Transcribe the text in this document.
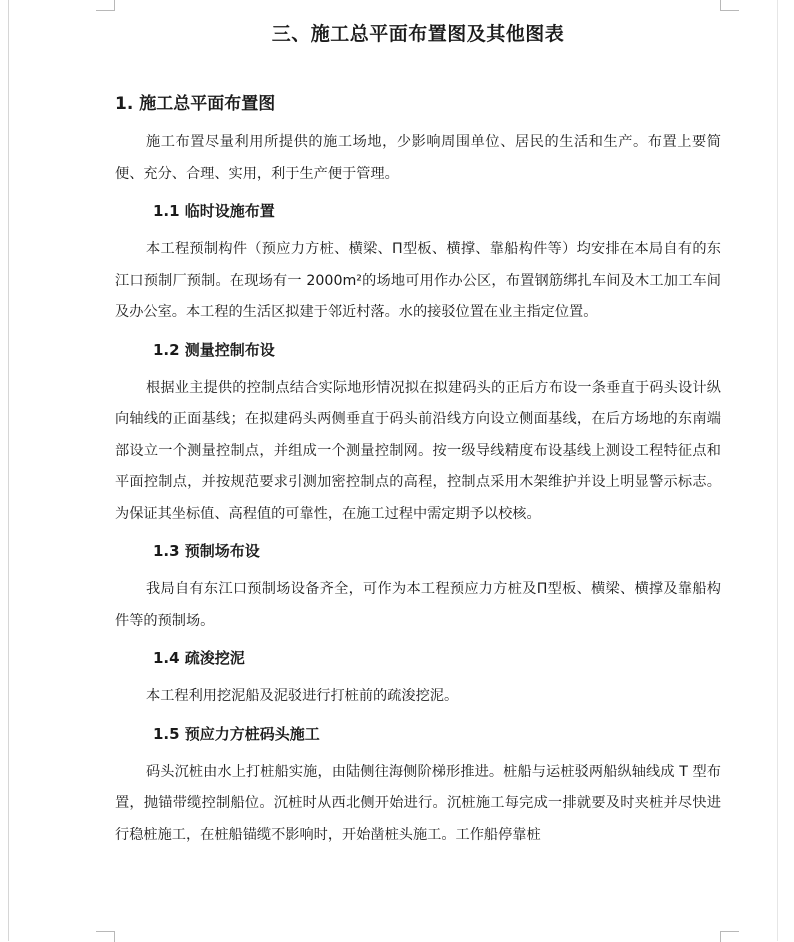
三、施工总平面布置图及其他图表
1. 施工总平面布置图

施工布置尽量利用所提供的施工场地，少影响周围单位、居民的生活和生产。布置上要简便、充分、合理、实用，利于生产便于管理。

1.1 临时设施布置

本工程预制构件（预应力方桩、横梁、Π型板、横撑、靠船构件等）均安排在本局自有的东江口预制厂预制。在现场有一 2000m²的场地可用作办公区，布置钢筋绑扎车间及木工加工车间及办公室。本工程的生活区拟建于邻近村落。水的接驳位置在业主指定位置。

1.2 测量控制布设

根据业主提供的控制点结合实际地形情况拟在拟建码头的正后方布设一条垂直于码头设计纵向轴线的正面基线；在拟建码头两侧垂直于码头前沿线方向设立侧面基线，在后方场地的东南端部设立一个测量控制点，并组成一个测量控制网。按一级导线精度布设基线上测设工程特征点和平面控制点，并按规范要求引测加密控制点的高程，控制点采用木架维护并设上明显警示标志。为保证其坐标值、高程值的可靠性，在施工过程中需定期予以校核。

1.3 预制场布设

我局自有东江口预制场设备齐全，可作为本工程预应力方桩及Π型板、横梁、横撑及靠船构件等的预制场。

1.4 疏浚挖泥

本工程利用挖泥船及泥驳进行打桩前的疏浚挖泥。

1.5 预应力方桩码头施工

码头沉桩由水上打桩船实施，由陆侧往海侧阶梯形推进。桩船与运桩驳两船纵轴线成 T 型布置，抛锚带缆控制船位。沉桩时从西北侧开始进行。沉桩施工每完成一排就要及时夹桩并尽快进行稳桩施工，在桩船锚缆不影响时，开始凿桩头施工。工作船停靠桩
